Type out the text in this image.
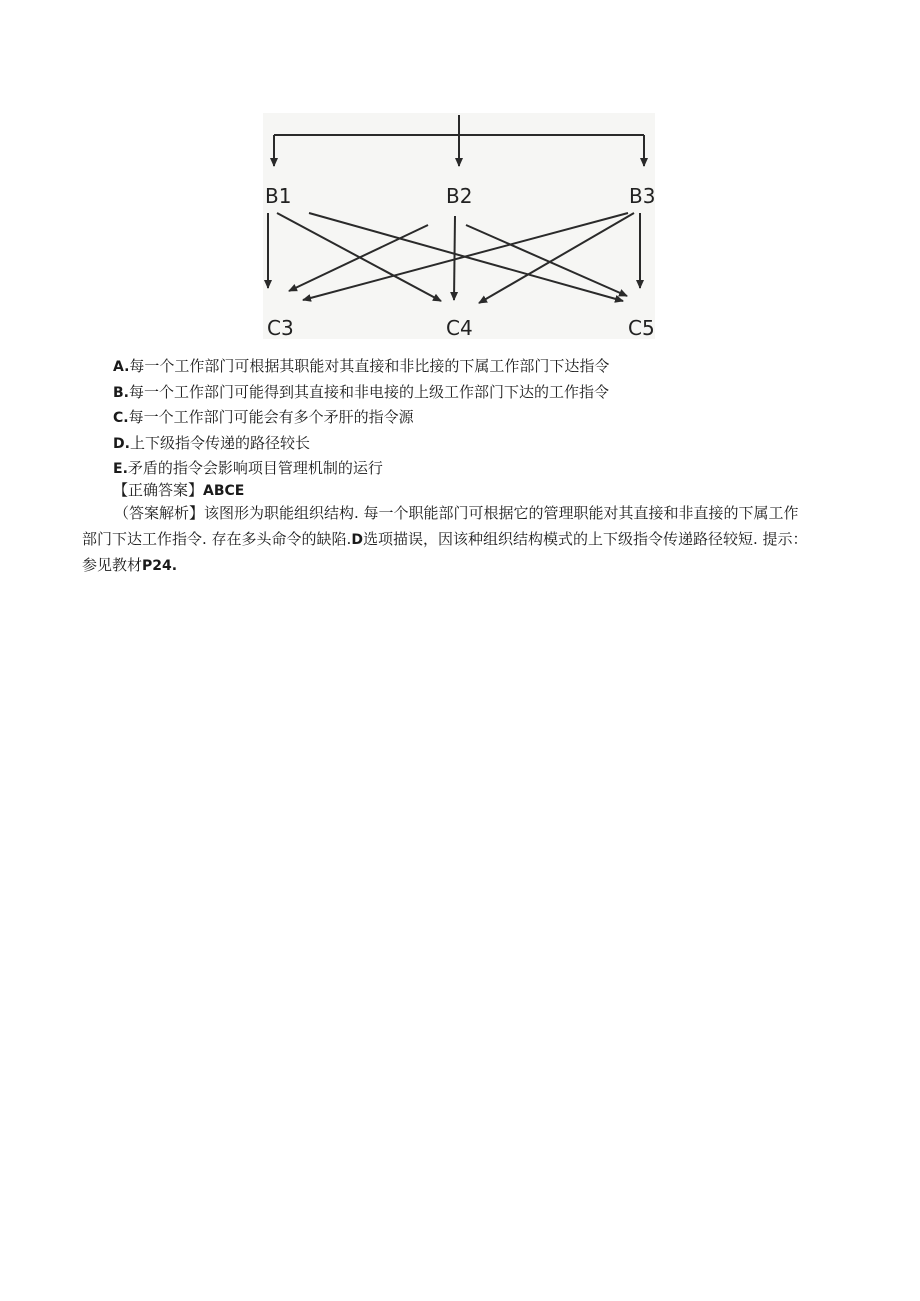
B1	B2	B3
C3	C4	C5
A.每一个工作部门可根据其职能对其直接和非比接的下属工作部门下达指令
B.每一个工作部门可能得到其直接和非电接的上级工作部门下达的工作指令
C.每一个工作部门可能会有多个矛肝的指令源
D.上下级指令传递的路径较长
E.矛盾的指令会影响项目管理机制的运行
【正确答案】ABCE
（答案解析】该图形为职能组织结构. 每一个职能部门可根据它的管理职能对其直接和非直接的下属工作
部门下达工作指令. 存在多头命令的缺陷.D选项描误，因该种组织结构模式的上下级指令传递路径较短. 提示：
参见教材P24.
